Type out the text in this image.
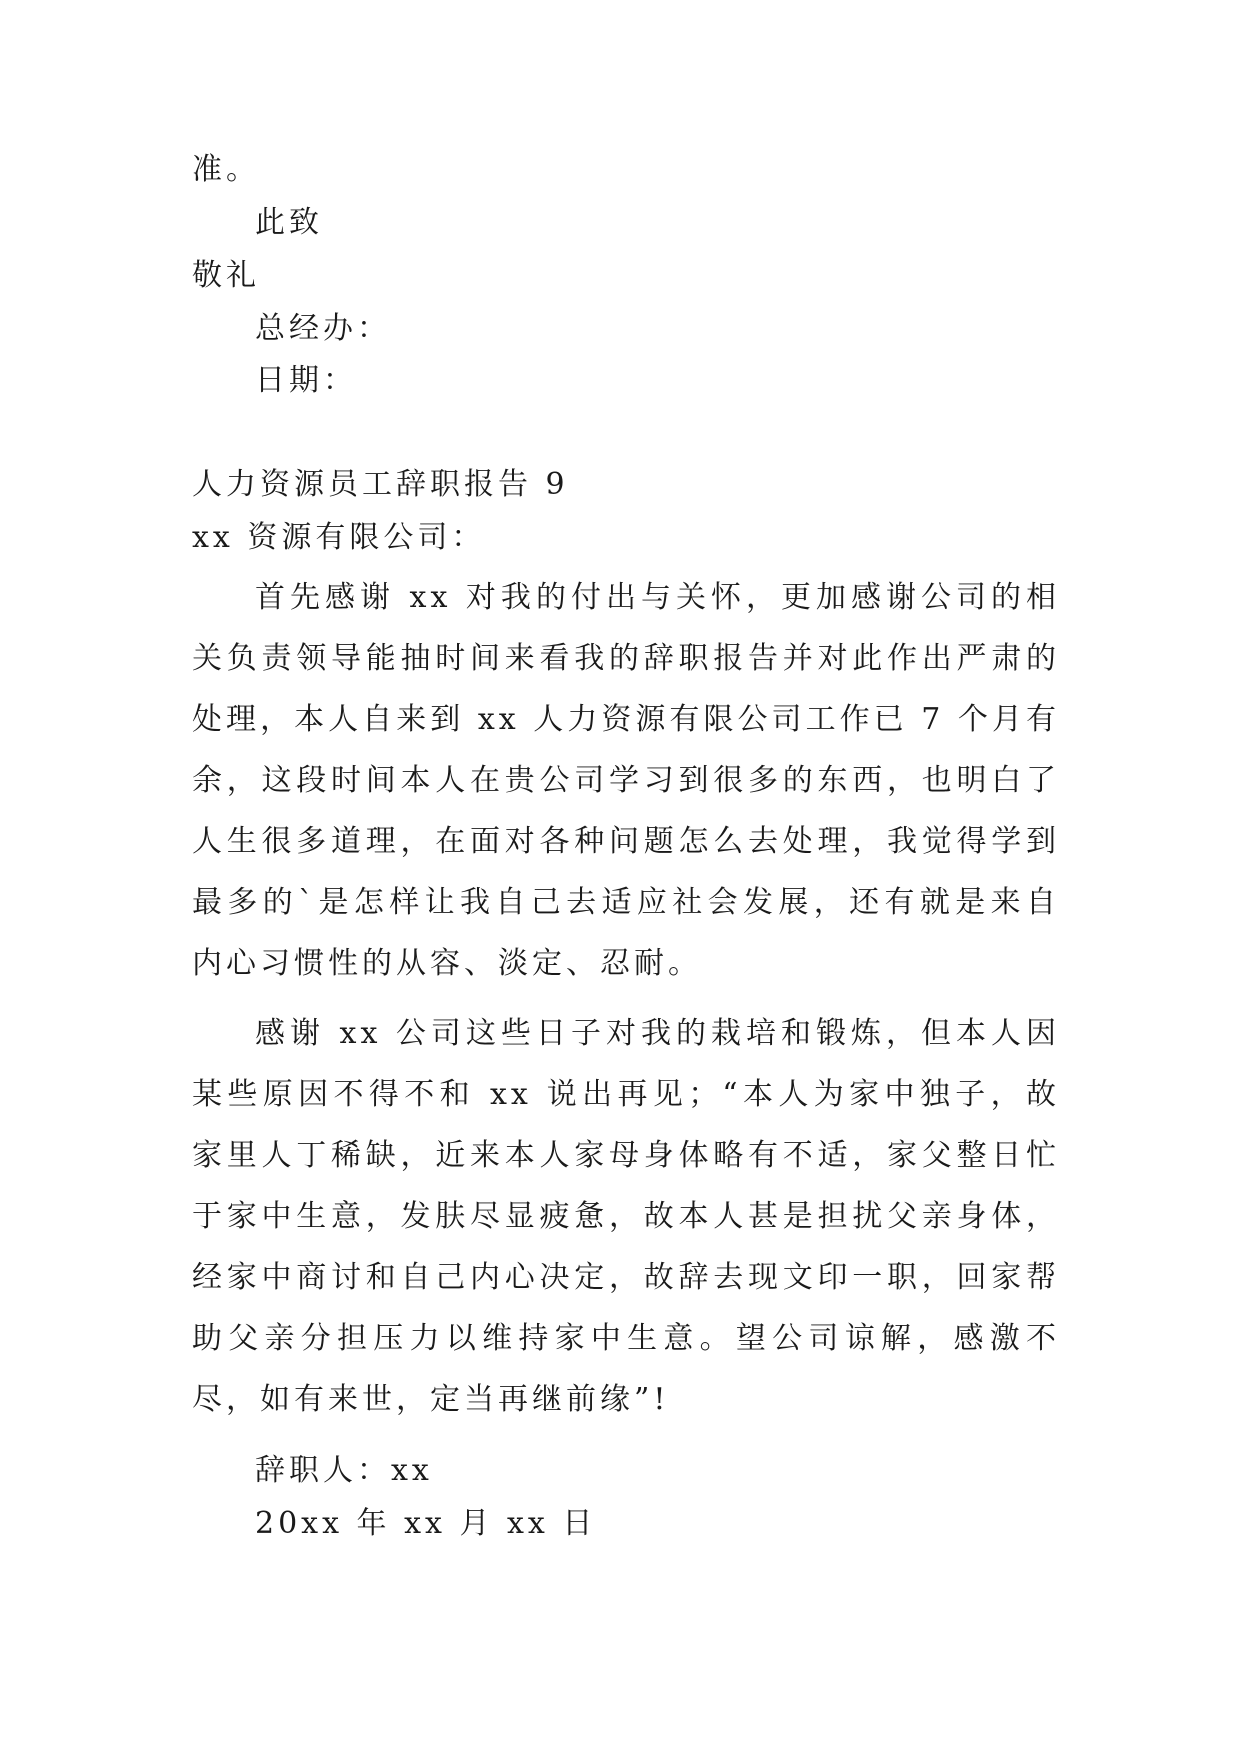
准。
此致
敬礼
总经办：
日期：
人力资源员工辞职报告 9
xx 资源有限公司：
首先感谢 xx 对我的付出与关怀，更加感谢公司的相关负责领导能抽时间来看我的辞职报告并对此作出严肃的处理，本人自来到 xx 人力资源有限公司工作已 7 个月有余，这段时间本人在贵公司学习到很多的东西，也明白了人生很多道理，在面对各种问题怎么去处理，我觉得学到最多的`是怎样让我自己去适应社会发展，还有就是来自内心习惯性的从容、淡定、忍耐。
感谢 xx 公司这些日子对我的栽培和锻炼，但本人因某些原因不得不和 xx 说出再见；“本人为家中独子，故家里人丁稀缺，近来本人家母身体略有不适，家父整日忙于家中生意，发肤尽显疲惫，故本人甚是担扰父亲身体，经家中商讨和自己内心决定，故辞去现文印一职，回家帮助父亲分担压力以维持家中生意。望公司谅解，感激不尽，如有来世，定当再继前缘”!
辞职人：xx
20xx 年 xx 月 xx 日
